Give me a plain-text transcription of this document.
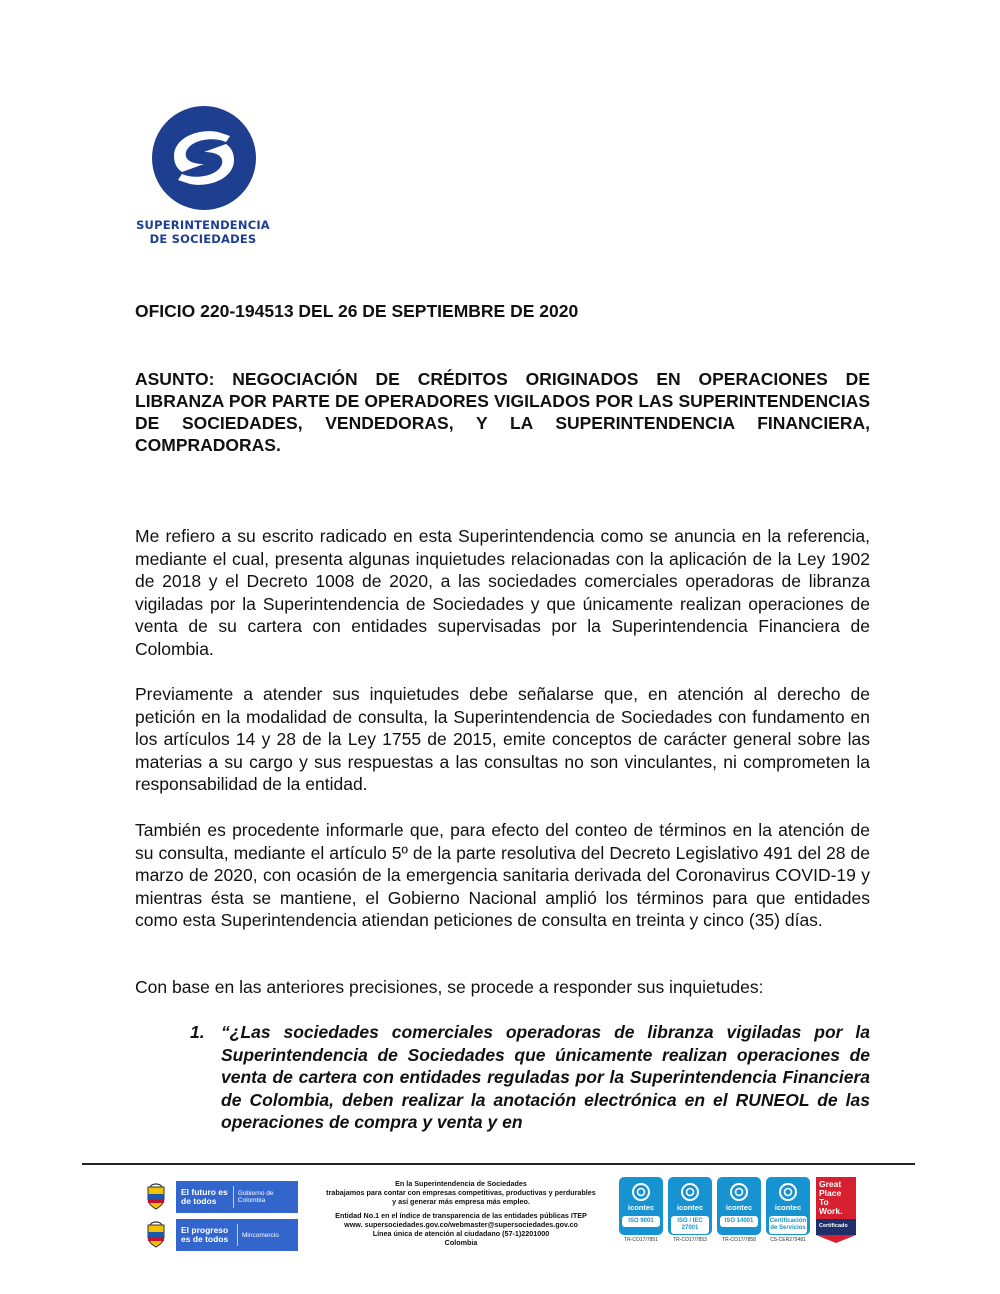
SUPERINTENDENCIA
DE SOCIEDADES

OFICIO 220-194513 DEL 26 DE SEPTIEMBRE DE 2020

ASUNTO: NEGOCIACIÓN DE CRÉDITOS ORIGINADOS EN OPERACIONES DE LIBRANZA POR PARTE DE OPERADORES VIGILADOS POR LAS SUPERINTENDENCIAS DE SOCIEDADES, VENDEDORAS, Y LA SUPERINTENDENCIA FINANCIERA, COMPRADORAS.

Me refiero a su escrito radicado en esta Superintendencia como se anuncia en la referencia, mediante el cual, presenta algunas inquietudes relacionadas con la aplicación de la Ley 1902 de 2018 y el Decreto 1008 de 2020, a las sociedades comerciales operadoras de libranza vigiladas por la Superintendencia de Sociedades y que únicamente realizan operaciones de venta de su cartera con entidades supervisadas por la Superintendencia Financiera de Colombia.

Previamente a atender sus inquietudes debe señalarse que, en atención al derecho de petición en la modalidad de consulta, la Superintendencia de Sociedades con fundamento en los artículos 14 y 28 de la Ley 1755 de 2015, emite conceptos de carácter general sobre las materias a su cargo y sus respuestas a las consultas no son vinculantes, ni comprometen la responsabilidad de la entidad.

También es procedente informarle que, para efecto del conteo de términos en la atención de su consulta, mediante el artículo 5º de la parte resolutiva del Decreto Legislativo 491 del 28 de marzo de 2020, con ocasión de la emergencia sanitaria derivada del Coronavirus COVID-19 y mientras ésta se mantiene, el Gobierno Nacional amplió los términos para que entidades como esta Superintendencia atiendan peticiones de consulta en treinta y cinco (35) días.

Con base en las anteriores precisiones, se procede a responder sus inquietudes:

1. “¿Las sociedades comerciales operadoras de libranza vigiladas por la Superintendencia de Sociedades que únicamente realizan operaciones de venta de cartera con entidades reguladas por la Superintendencia Financiera de Colombia, deben realizar la anotación electrónica en el RUNEOL de las operaciones de compra y venta y en

El futuro es de todos
Gobierno de Colombia
El progreso es de todos	Mincomercio
En la Superintendencia de Sociedades
trabajamos para contar con empresas competitivas, productivas y perdurables
y así generar más empresa más empleo.
Entidad No.1 en el índice de transparencia de las entidades públicas ITEP
www. supersociedades.gov.co/webmaster@supersociedades.gov.co
Línea única de atención al ciudadano (57-1)2201000
Colombia
icontec
ISO 9001
TR-CO17/7851
icontec
ISO / IEC 27001
TR-CO17/7853
icontec
ISO 14001
TR-CO17/7858
icontec
Certificación de Servicios
CS-CER279481
Great
Place
To
Work.
Certificado
